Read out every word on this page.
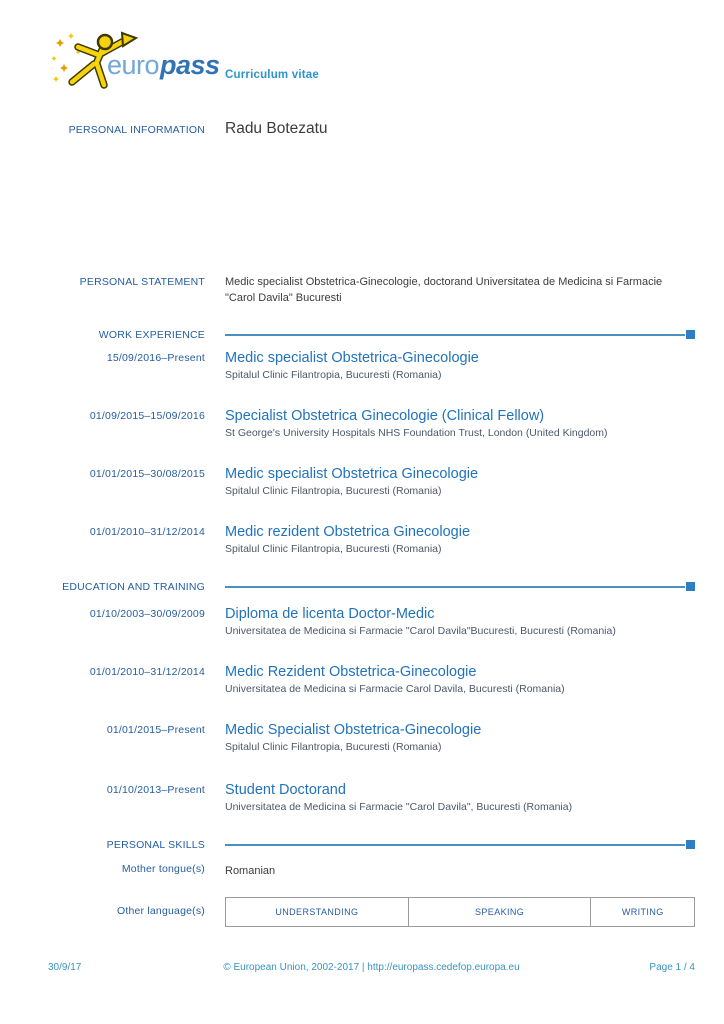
euro pass Curriculum vitae
PERSONAL INFORMATION Radu Botezatu
PERSONAL STATEMENT Medic specialist Obstetrica-Ginecologie, doctorand Universitatea de Medicina si Farmacie "Carol Davila" Bucuresti
WORK EXPERIENCE
15/09/2016–Present Medic specialist Obstetrica-Ginecologie
Spitalul Clinic Filantropia, Bucuresti (Romania)
01/09/2015–15/09/2016 Specialist Obstetrica Ginecologie (Clinical Fellow)
St George's University Hospitals NHS Foundation Trust, London (United Kingdom)
01/01/2015–30/08/2015 Medic specialist Obstetrica Ginecologie
Spitalul Clinic Filantropia, Bucuresti (Romania)
01/01/2010–31/12/2014 Medic rezident Obstetrica Ginecologie
Spitalul Clinic Filantropia, Bucuresti (Romania)
EDUCATION AND TRAINING
01/10/2003–30/09/2009 Diploma de licenta Doctor-Medic
Universitatea de Medicina si Farmacie "Carol Davila"Bucuresti, Bucuresti (Romania)
01/01/2010–31/12/2014 Medic Rezident Obstetrica-Ginecologie
Universitatea de Medicina si Farmacie Carol Davila, Bucuresti (Romania)
01/01/2015–Present Medic Specialist Obstetrica-Ginecologie
Spitalul Clinic Filantropia, Bucuresti (Romania)
01/10/2013–Present Student Doctorand
Universitatea de Medicina si Farmacie "Carol Davila", Bucuresti (Romania)
PERSONAL SKILLS
Mother tongue(s) Romanian
Other language(s)	UNDERSTANDING	SPEAKING	WRITING
30/9/17	© European Union, 2002-2017 | http://europass.cedefop.europa.eu	Page 1 / 4
